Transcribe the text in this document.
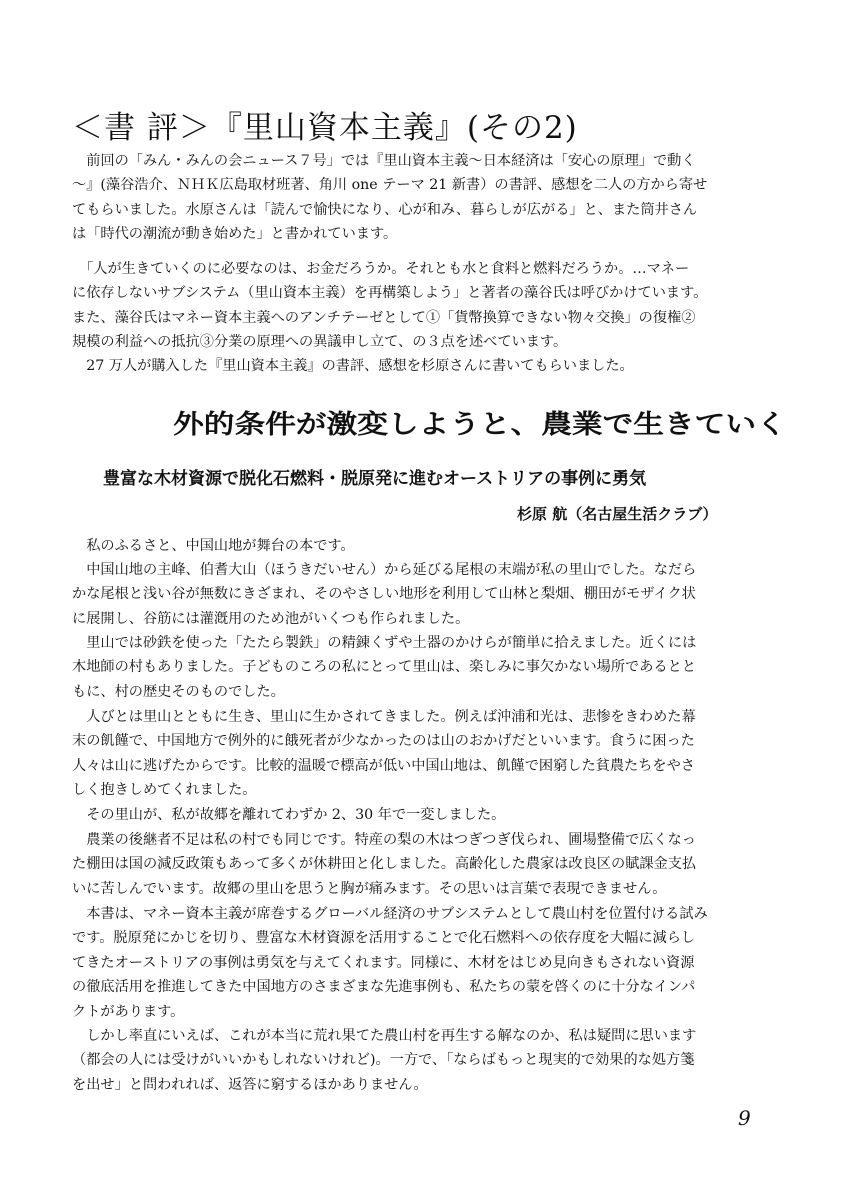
＜書 評＞『里山資本主義』(その2)
　前回の「みん・みんの会ニュース７号」では『里山資本主義～日本経済は「安心の原理」で動く
～』(藻谷浩介、ＮＨＫ広島取材班著、角川 one テーマ 21 新書）の書評、感想を二人の方から寄せ
てもらいました。水原さんは「読んで愉快になり、心が和み、暮らしが広がる」と、また筒井さん
は「時代の潮流が動き始めた」と書かれています。
　「人が生きていくのに必要なのは、お金だろうか。それとも水と食料と燃料だろうか。…マネー
に依存しないサブシステム（里山資本主義）を再構築しよう」と著者の藻谷氏は呼びかけています。
また、藻谷氏はマネー資本主義へのアンチテーゼとして①「貨幣換算できない物々交換」の復権②
規模の利益への抵抗③分業の原理への異議申し立て、の３点を述べています。
　27 万人が購入した『里山資本主義』の書評、感想を杉原さんに書いてもらいました。
外的条件が激変しようと、農業で生きていく
豊富な木材資源で脱化石燃料・脱原発に進むオーストリアの事例に勇気

杉原 航（名古屋生活クラブ）

　私のふるさと、中国山地が舞台の本です。
　中国山地の主峰、伯耆大山（ほうきだいせん）から延びる尾根の末端が私の里山でした。なだら
かな尾根と浅い谷が無数にきざまれ、そのやさしい地形を利用して山林と梨畑、棚田がモザイク状
に展開し、谷筋には灌漑用のため池がいくつも作られました。
　里山では砂鉄を使った「たたら製鉄」の精錬くずや土器のかけらが簡単に拾えました。近くには
木地師の村もありました。子どものころの私にとって里山は、楽しみに事欠かない場所であるとと
もに、村の歴史そのものでした。
　人びとは里山とともに生き、里山に生かされてきました。例えば沖浦和光は、悲惨をきわめた幕
末の飢饉で、中国地方で例外的に餓死者が少なかったのは山のおかげだといいます。食うに困った
人々は山に逃げたからです。比較的温暖で標高が低い中国山地は、飢饉で困窮した貧農たちをやさ
しく抱きしめてくれました。
　その里山が、私が故郷を離れてわずか 2、30 年で一変しました。
　農業の後継者不足は私の村でも同じです。特産の梨の木はつぎつぎ伐られ、圃場整備で広くなっ
た棚田は国の減反政策もあって多くが休耕田と化しました。高齢化した農家は改良区の賦課金支払
いに苦しんでいます。故郷の里山を思うと胸が痛みます。その思いは言葉で表現できません。
　本書は、マネー資本主義が席巻するグローバル経済のサブシステムとして農山村を位置付ける試み
です。脱原発にかじを切り、豊富な木材資源を活用することで化石燃料への依存度を大幅に減らし
てきたオーストリアの事例は勇気を与えてくれます。同様に、木材をはじめ見向きもされない資源
の徹底活用を推進してきた中国地方のさまざまな先進事例も、私たちの蒙を啓くのに十分なインパ
クトがあります。
　しかし率直にいえば、これが本当に荒れ果てた農山村を再生する解なのか、私は疑問に思います
（都会の人には受けがいいかもしれないけれど)。一方で、「ならばもっと現実的で効果的な処方箋
を出せ」と問われれば、返答に窮するほかありません。

9
